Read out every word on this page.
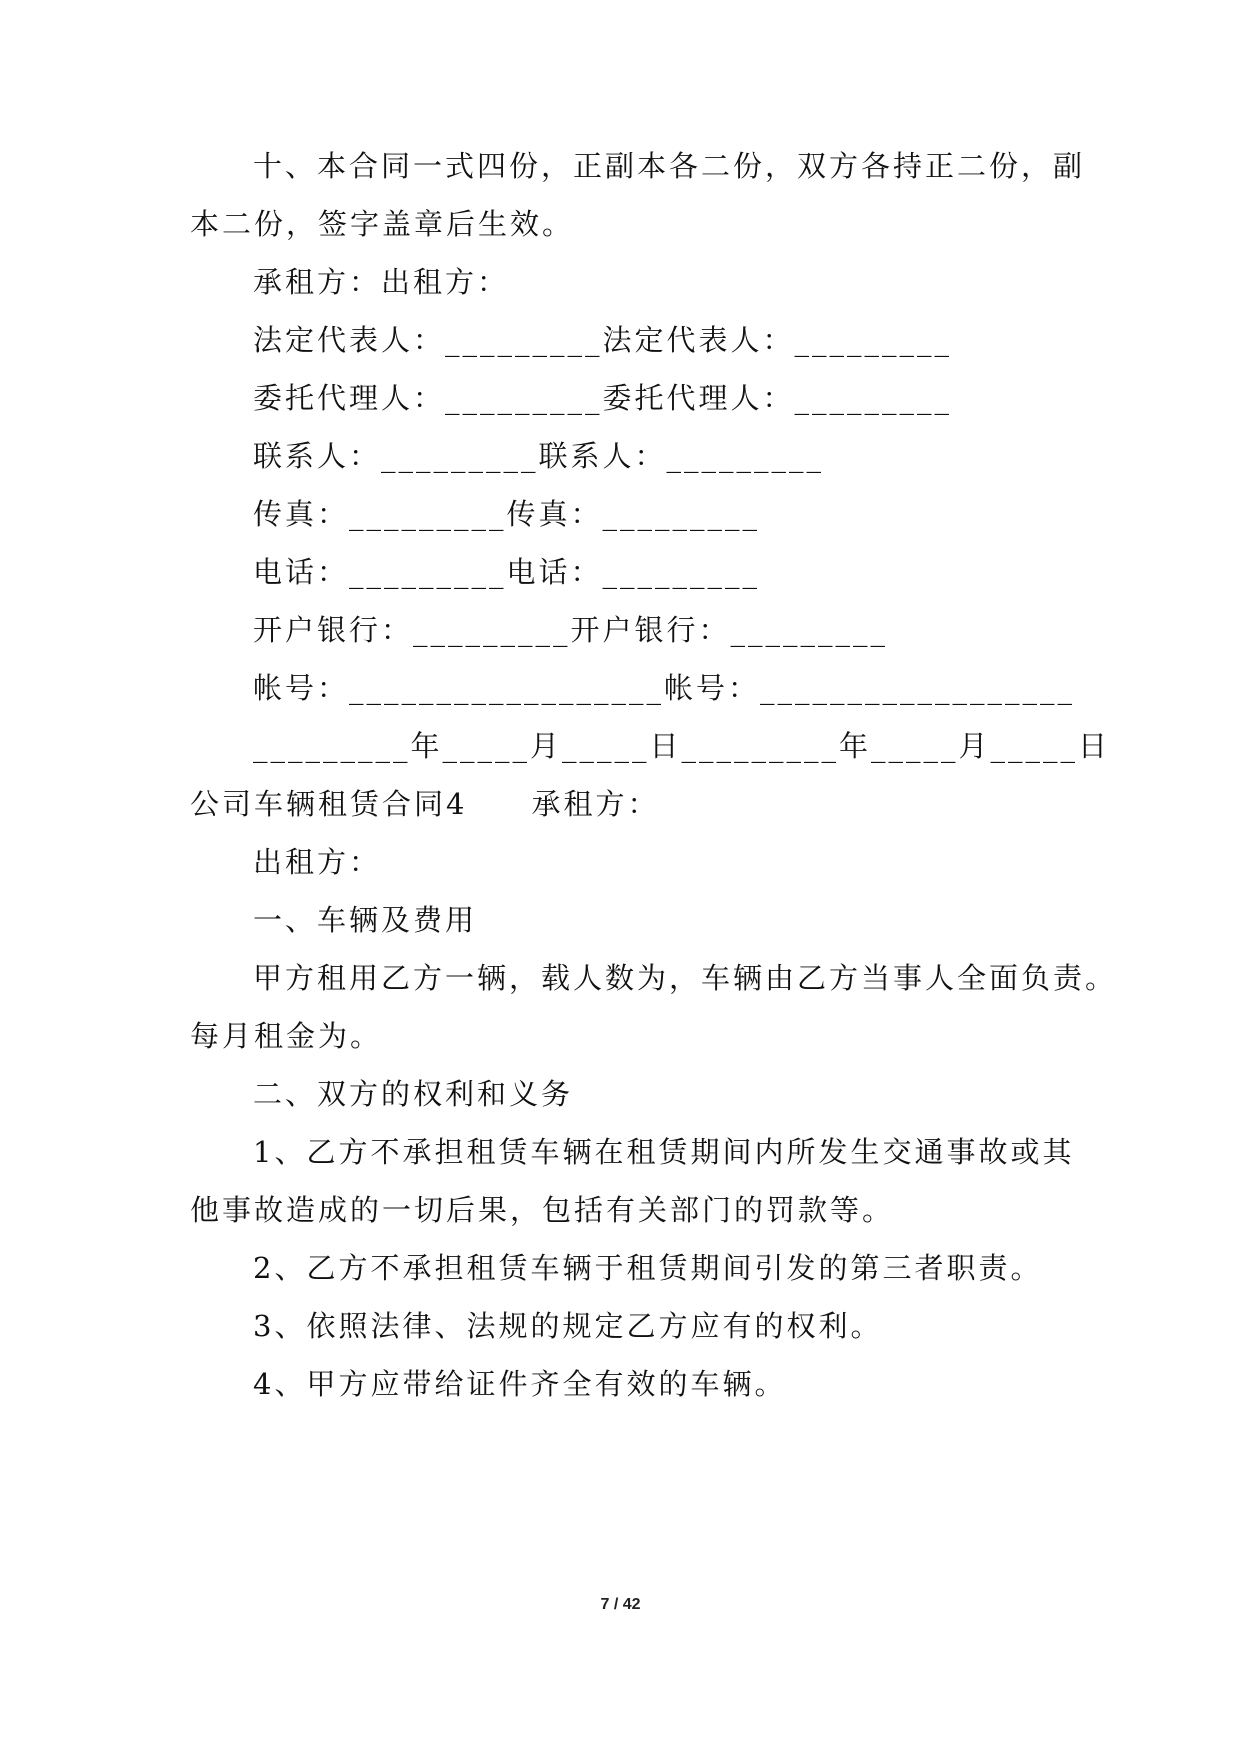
十、本合同一式四份，正副本各二份，双方各持正二份，副
本二份，签字盖章后生效。
承租方：出租方：
法定代表人：_________法定代表人：_________
委托代理人：_________委托代理人：_________
联系人：_________联系人：_________
传真：_________传真：_________
电话：_________电话：_________
开户银行：_________开户银行：_________
帐号：__________________帐号：__________________
_________年_____月_____日_________年_____月_____日
公司车辆租赁合同4　　承租方：
出租方：
一、车辆及费用
甲方租用乙方一辆，载人数为，车辆由乙方当事人全面负责。
每月租金为。
二、双方的权利和义务
1、乙方不承担租赁车辆在租赁期间内所发生交通事故或其
他事故造成的一切后果，包括有关部门的罚款等。
2、乙方不承担租赁车辆于租赁期间引发的第三者职责。
3、依照法律、法规的规定乙方应有的权利。
4、甲方应带给证件齐全有效的车辆。
7 / 42
